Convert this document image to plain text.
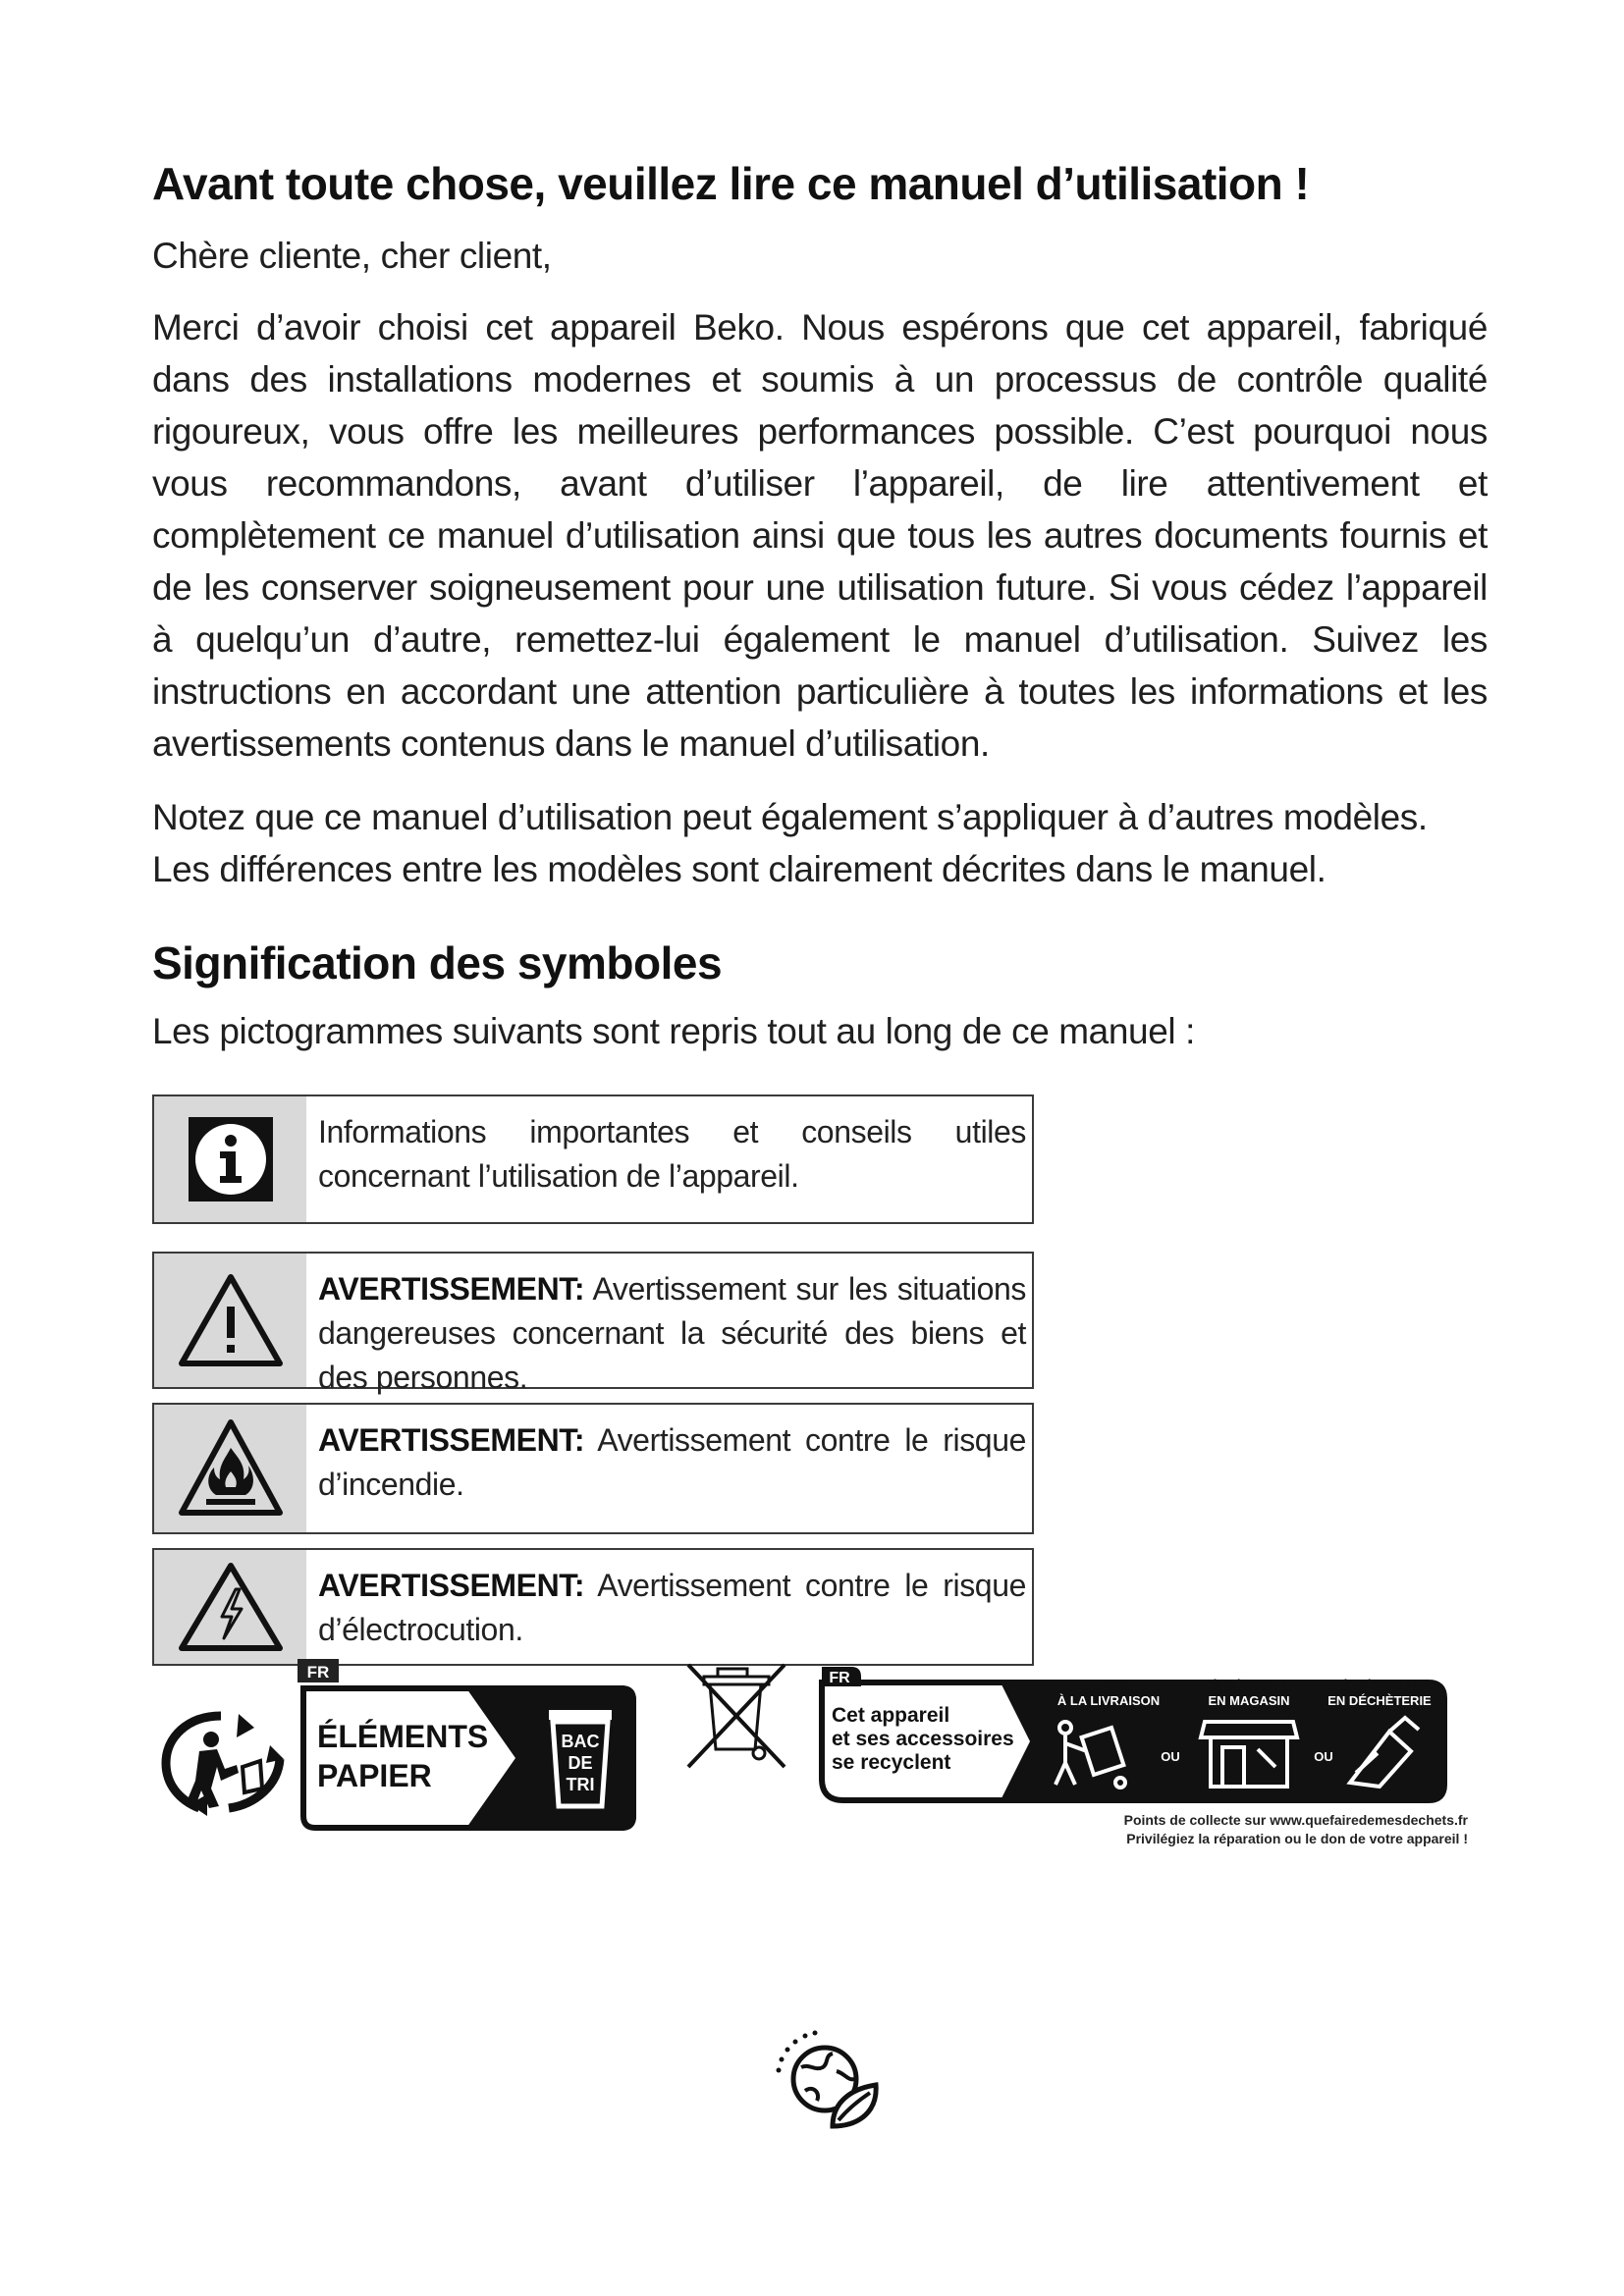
Avant toute chose, veuillez lire ce manuel d’utilisation !

Chère cliente, cher client,

Merci d’avoir choisi cet appareil Beko. Nous espérons que cet appareil, fabriqué dans des installations modernes et soumis à un processus de contrôle qualité rigoureux, vous offre les meilleures performances possible. C’est pourquoi nous vous recommandons, avant d’utiliser l’appareil, de lire attentivement et complètement ce manuel d’utilisation ainsi que tous les autres documents fournis et de les conserver soigneusement pour une utilisation future. Si vous cédez l’appareil à quelqu’un d’autre, remettez-lui également le manuel d’utilisation. Suivez les instructions en accordant une attention particulière à toutes les informations et les avertissements contenus dans le manuel d’utilisation.

Notez que ce manuel d’utilisation peut également s’appliquer à d’autres modèles. Les différences entre les modèles sont clairement décrites dans le manuel.

Signification des symboles

Les pictogrammes suivants sont repris tout au long de ce manuel :

Informations importantes et conseils utiles concernant l’utilisation de l’appareil.
AVERTISSEMENT: Avertissement sur les situations dangereuses concernant la sécurité des biens et des personnes.
AVERTISSEMENT: Avertissement contre le risque d’incendie.
AVERTISSEMENT: Avertissement contre le risque d’électrocution.
FR
ÉLÉMENTS
PAPIER
BAC
DE
TRI
FR
Cet appareil
et ses accessoires
se recyclent
REPRISE
À LA LIVRAISON
À DÉPOSER
EN MAGASIN
À DÉPOSER
EN DÉCHÈTERIE
OU	OU
Points de collecte sur www.quefairedemesdechets.fr
Privilégiez la réparation ou le don de votre appareil !
